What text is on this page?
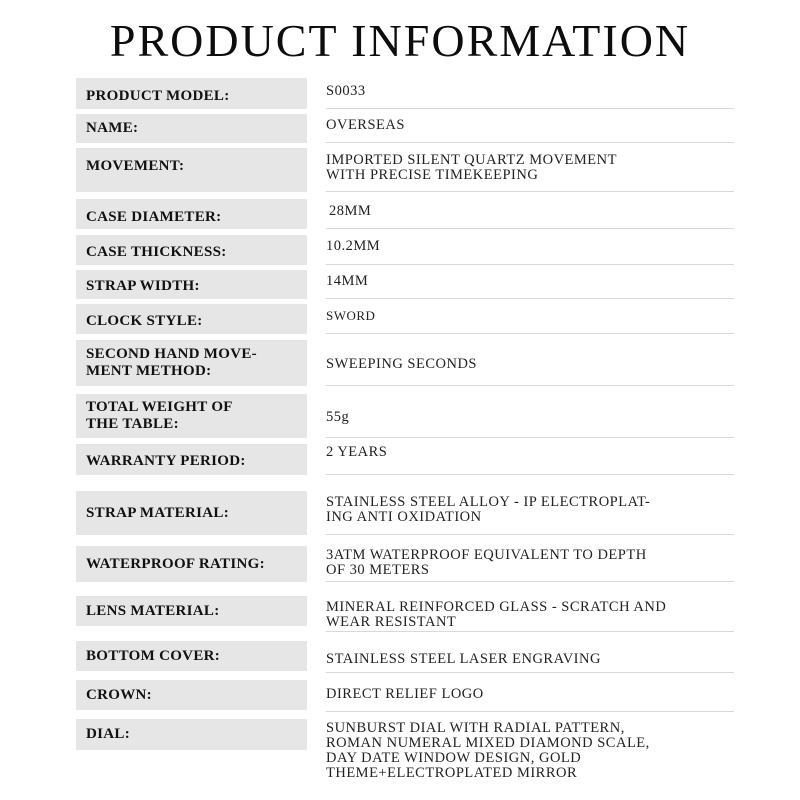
PRODUCT INFORMATION
PRODUCT MODEL:	S0033
NAME:	OVERSEAS
MOVEMENT:	IMPORTED SILENT QUARTZ MOVEMENT
WITH PRECISE TIMEKEEPING
CASE DIAMETER:	28MM
CASE THICKNESS:	10.2MM
STRAP WIDTH:	14MM
CLOCK STYLE:	SWORD
SECOND HAND MOVE-
MENT METHOD:	SWEEPING SECONDS
TOTAL WEIGHT OF
THE TABLE:	55g
WARRANTY PERIOD:
2 YEARS
STRAP MATERIAL:
STAINLESS STEEL ALLOY - IP ELECTROPLAT-
ING ANTI OXIDATION
WATERPROOF RATING:
3ATM WATERPROOF EQUIVALENT TO DEPTH
OF 30 METERS
LENS MATERIAL:	MINERAL REINFORCED GLASS - SCRATCH AND
WEAR RESISTANT
BOTTOM COVER:	STAINLESS STEEL LASER ENGRAVING
CROWN:	DIRECT RELIEF LOGO
DIAL:	SUNBURST DIAL WITH RADIAL PATTERN,
ROMAN NUMERAL MIXED DIAMOND SCALE,
DAY DATE WINDOW DESIGN, GOLD
THEME+ELECTROPLATED MIRROR
